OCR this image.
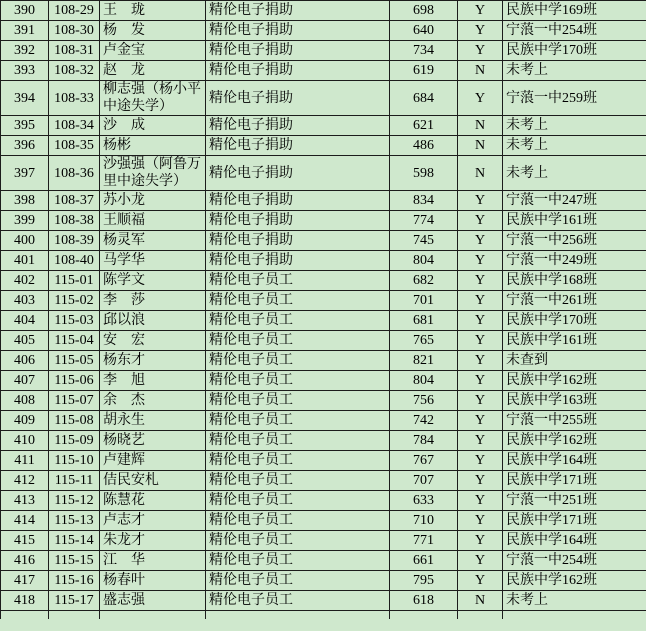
390	108-29	王　珑	精伦电子捐助	698	Y	民族中学169班
391	108-30	杨　发	精伦电子捐助	640	Y	宁蒗一中254班
392	108-31	卢金宝	精伦电子捐助	734	Y	民族中学170班
393	108-32	赵　龙	精伦电子捐助	619	N	未考上
394	108-33	柳志强（杨小平中途失学）	精伦电子捐助	684	Y	宁蒗一中259班
395	108-34	沙　成	精伦电子捐助	621	N	未考上
396	108-35	杨彬	精伦电子捐助	486	N	未考上
397	108-36	沙强强（阿鲁万里中途失学）	精伦电子捐助	598	N	未考上
398	108-37	苏小龙	精伦电子捐助	834	Y	宁蒗一中247班
399	108-38	王顺福	精伦电子捐助	774	Y	民族中学161班
400	108-39	杨灵军	精伦电子捐助	745	Y	宁蒗一中256班
401	108-40	马学华	精伦电子捐助	804	Y	宁蒗一中249班
402	115-01	陈学文	精伦电子员工	682	Y	民族中学168班
403	115-02	李　莎	精伦电子员工	701	Y	宁蒗一中261班
404	115-03	邱以浪	精伦电子员工	681	Y	民族中学170班
405	115-04	安　宏	精伦电子员工	765	Y	民族中学161班
406	115-05	杨东才	精伦电子员工	821	Y	未查到
407	115-06	李　旭	精伦电子员工	804	Y	民族中学162班
408	115-07	余　杰	精伦电子员工	756	Y	民族中学163班
409	115-08	胡永生	精伦电子员工	742	Y	宁蒗一中255班
410	115-09	杨晓艺	精伦电子员工	784	Y	民族中学162班
411	115-10	卢建辉	精伦电子员工	767	Y	民族中学164班
412	115-11	佶民安札	精伦电子员工	707	Y	民族中学171班
413	115-12	陈慧花	精伦电子员工	633	Y	宁蒗一中251班
414	115-13	卢志才	精伦电子员工	710	Y	民族中学171班
415	115-14	朱龙才	精伦电子员工	771	Y	民族中学164班
416	115-15	江　华	精伦电子员工	661	Y	宁蒗一中254班
417	115-16	杨春叶	精伦电子员工	795	Y	民族中学162班
418	115-17	盛志强	精伦电子员工	618	N	未考上
